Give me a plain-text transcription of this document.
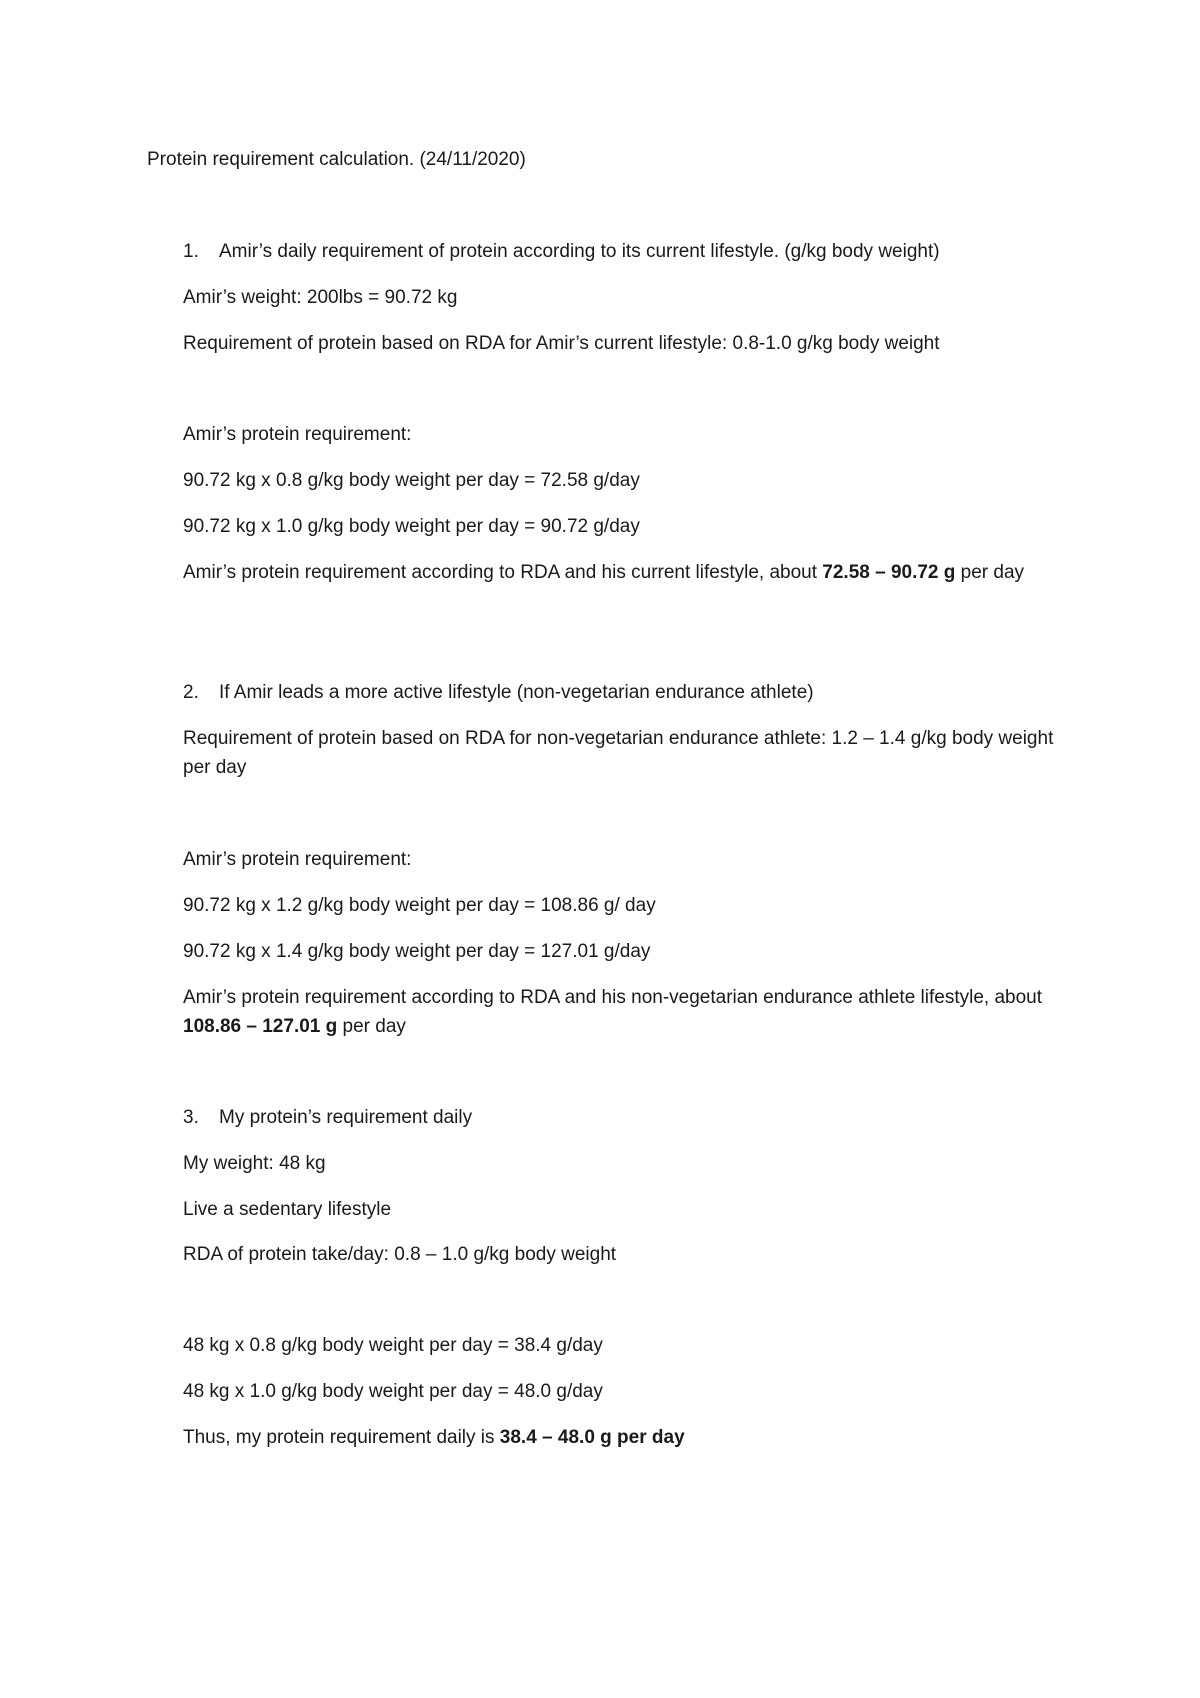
Protein requirement calculation. (24/11/2020)
1. Amir’s daily requirement of protein according to its current lifestyle. (g/kg body weight)
Amir’s weight: 200lbs = 90.72 kg
Requirement of protein based on RDA for Amir’s current lifestyle: 0.8-1.0 g/kg body weight
Amir’s protein requirement:
90.72 kg x 0.8 g/kg body weight per day = 72.58 g/day
90.72 kg x 1.0 g/kg body weight per day = 90.72 g/day
Amir’s protein requirement according to RDA and his current lifestyle, about 72.58 – 90.72 g per day
2. If Amir leads a more active lifestyle (non-vegetarian endurance athlete)
Requirement of protein based on RDA for non-vegetarian endurance athlete: 1.2 – 1.4 g/kg body weight per day
Amir’s protein requirement:
90.72 kg x 1.2 g/kg body weight per day = 108.86 g/ day
90.72 kg x 1.4 g/kg body weight per day = 127.01 g/day
Amir’s protein requirement according to RDA and his non-vegetarian endurance athlete lifestyle, about 108.86 – 127.01 g per day
3. My protein’s requirement daily
My weight: 48 kg
Live a sedentary lifestyle
RDA of protein take/day: 0.8 – 1.0 g/kg body weight
48 kg x 0.8 g/kg body weight per day = 38.4 g/day
48 kg x 1.0 g/kg body weight per day = 48.0 g/day
Thus, my protein requirement daily is 38.4 – 48.0 g per day
